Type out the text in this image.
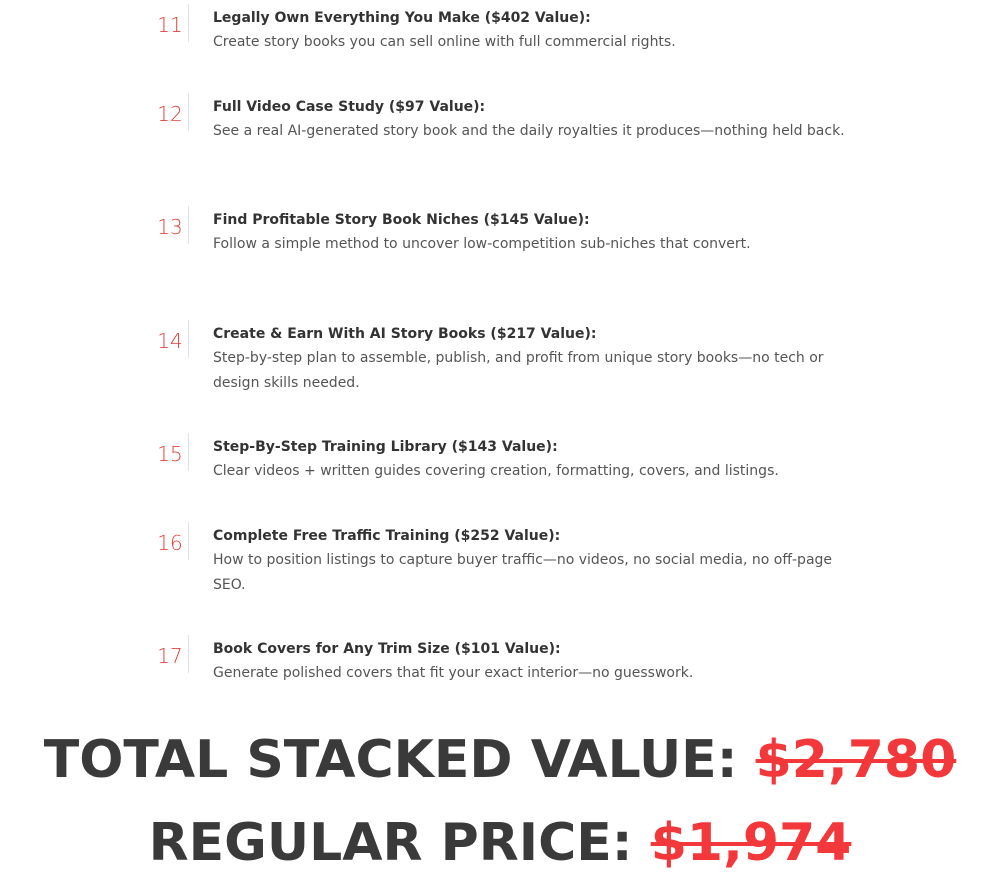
11	Legally Own Everything You Make ($402 Value):
Create story books you can sell online with full commercial rights.
12	Full Video Case Study ($97 Value):
See a real AI-generated story book and the daily royalties it produces—nothing held back.
13	Find Profitable Story Book Niches ($145 Value):
Follow a simple method to uncover low-competition sub-niches that convert.
14	Create & Earn With AI Story Books ($217 Value):
Step-by-step plan to assemble, publish, and profit from unique story books—no tech or design skills needed.
15	Step-By-Step Training Library ($143 Value):
Clear videos + written guides covering creation, formatting, covers, and listings.
16	Complete Free Traffic Training ($252 Value):
How to position listings to capture buyer traffic—no videos, no social media, no off-page SEO.
17	Book Covers for Any Trim Size ($101 Value):
Generate polished covers that fit your exact interior—no guesswork.
TOTAL STACKED VALUE: $2,780
REGULAR PRICE: $1,974
